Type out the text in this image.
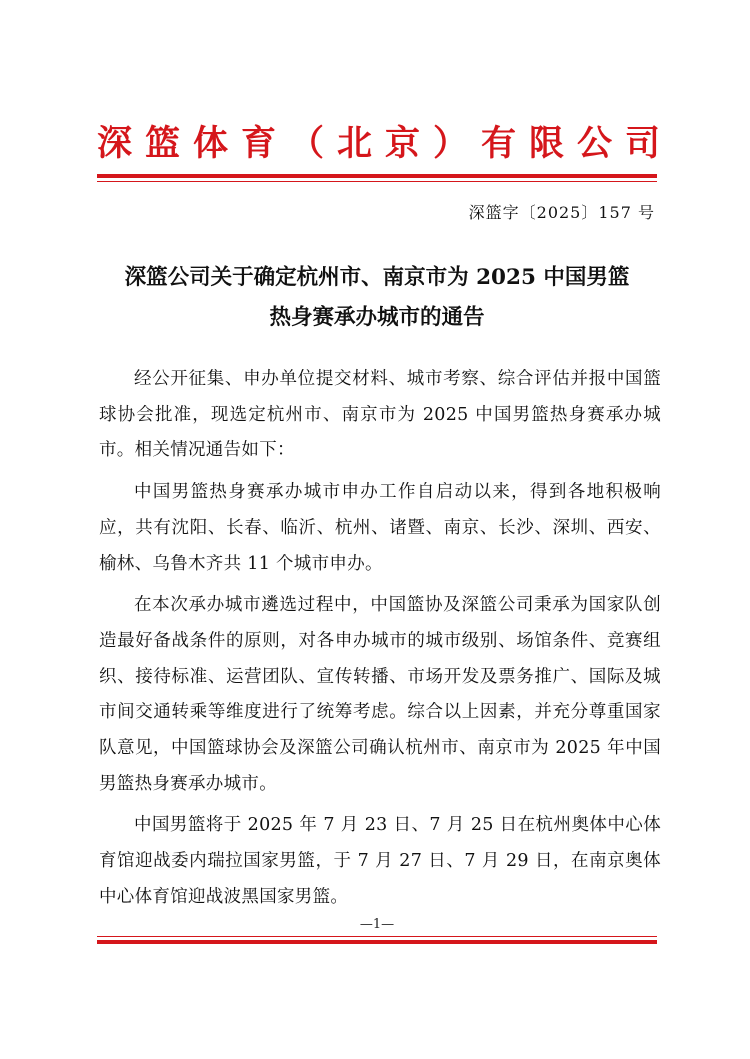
深篮体育（北京）有限公司
深篮字〔2025〕157 号
深篮公司关于确定杭州市、南京市为 2025 中国男篮
热身赛承办城市的通告

经公开征集、申办单位提交材料、城市考察、综合评估并报中国篮球协会批准，现选定杭州市、南京市为 2025 中国男篮热身赛承办城市。相关情况通告如下：

中国男篮热身赛承办城市申办工作自启动以来，得到各地积极响应，共有沈阳、长春、临沂、杭州、诸暨、南京、长沙、深圳、西安、榆林、乌鲁木齐共 11 个城市申办。

在本次承办城市遴选过程中，中国篮协及深篮公司秉承为国家队创造最好备战条件的原则，对各申办城市的城市级别、场馆条件、竞赛组织、接待标准、运营团队、宣传转播、市场开发及票务推广、国际及城市间交通转乘等维度进行了统筹考虑。综合以上因素，并充分尊重国家队意见，中国篮球协会及深篮公司确认杭州市、南京市为 2025 年中国男篮热身赛承办城市。

中国男篮将于 2025 年 7 月 23 日、7 月 25 日在杭州奥体中心体育馆迎战委内瑞拉国家男篮，于 7 月 27 日、7 月 29 日，在南京奥体中心体育馆迎战波黑国家男篮。

—1—
